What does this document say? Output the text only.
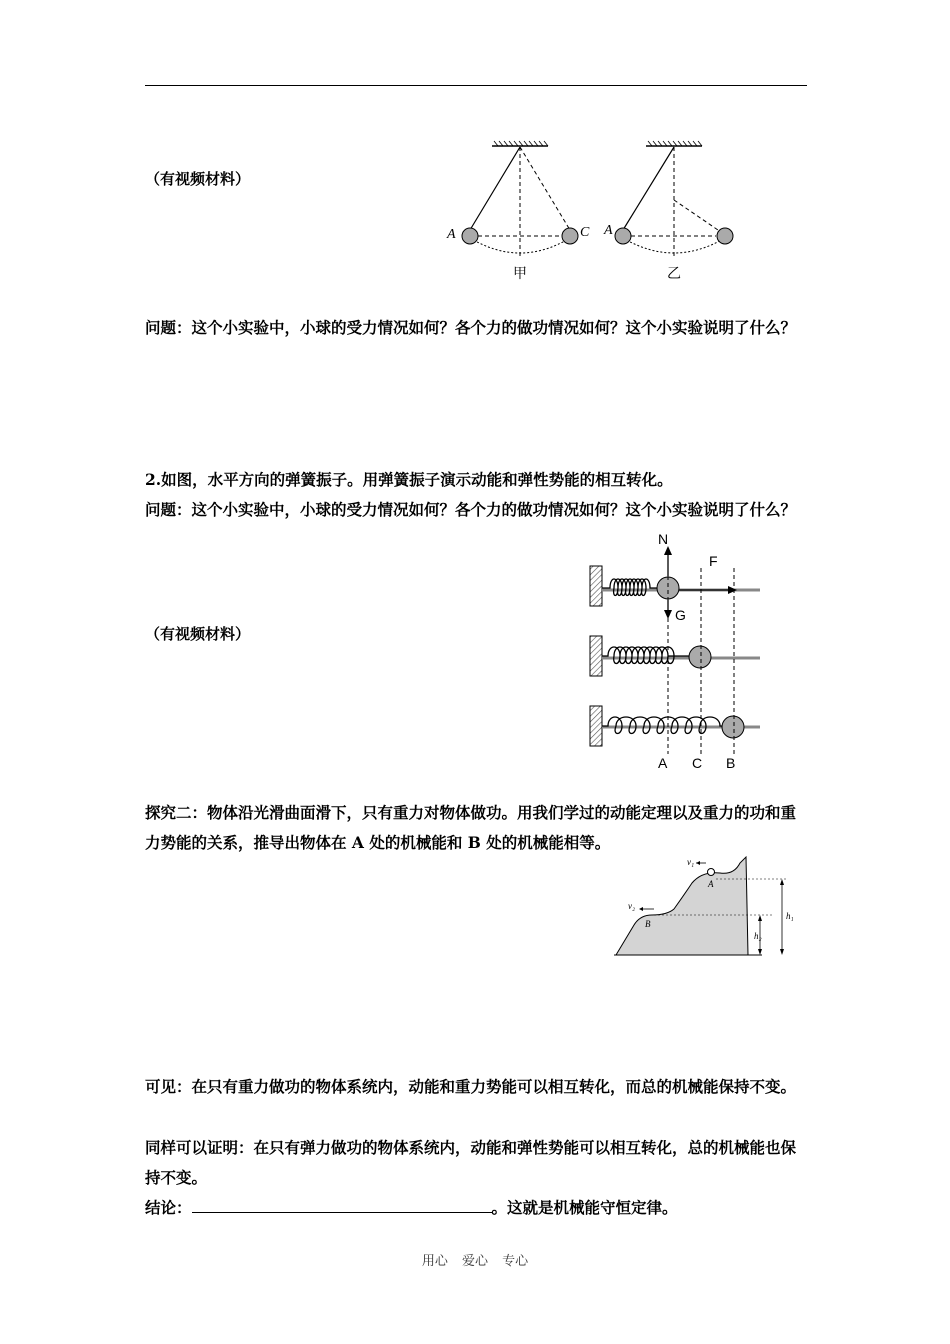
（有视频材料）
A	C
甲
A
乙
问题：这个小实验中，小球的受力情况如何？各个力的做功情况如何？这个小实验说明了什么？
2.如图，水平方向的弹簧振子。用弹簧振子演示动能和弹性势能的相互转化。
问题：这个小实验中，小球的受力情况如何？各个力的做功情况如何？这个小实验说明了什么？
（有视频材料）
N
F
G
A C B
探究二：物体沿光滑曲面滑下，只有重力对物体做功。用我们学过的动能定理以及重力的功和重力势能的关系，推导出物体在 A 处的机械能和 B 处的机械能相等。
v₁
A
v₂
B
h₁
h₂
可见：在只有重力做功的物体系统内，动能和重力势能可以相互转化，而总的机械能保持不变。
同样可以证明：在只有弹力做功的物体系统内，动能和弹性势能可以相互转化，总的机械能也保持不变。
结论：	。这就是机械能守恒定律。
用心 爱心 专心
